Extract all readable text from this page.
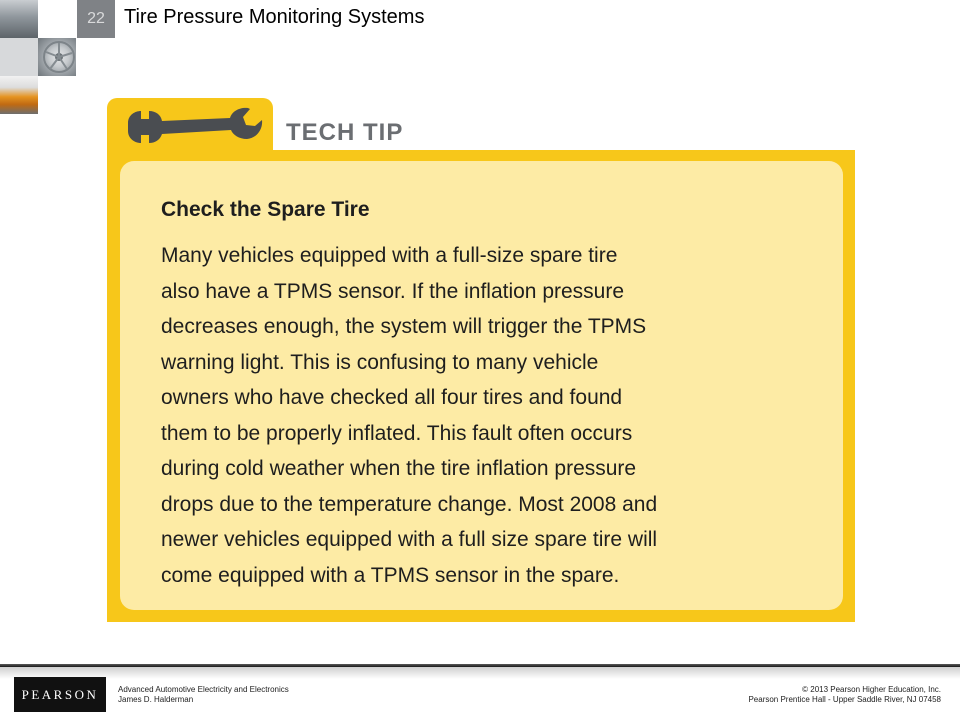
22 Tire Pressure Monitoring Systems
TECH TIP
Check the Spare Tire
Many vehicles equipped with a full-size spare tire
also have a TPMS sensor. If the inflation pressure
decreases enough, the system will trigger the TPMS
warning light. This is confusing to many vehicle
owners who have checked all four tires and found
them to be properly inflated. This fault often occurs
during cold weather when the tire inflation pressure
drops due to the temperature change. Most 2008 and
newer vehicles equipped with a full size spare tire will
come equipped with a TPMS sensor in the spare.
PEARSON	Advanced Automotive Electricity and Electronics
James D. Halderman
© 2013 Pearson Higher Education, Inc.
Pearson Prentice Hall - Upper Saddle River, NJ 07458
